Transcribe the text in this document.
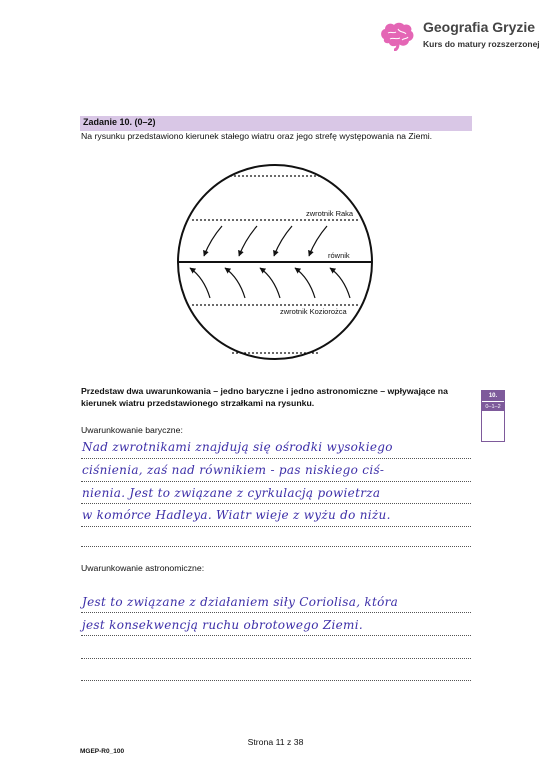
Geografia Gryzie
Kurs do matury rozszerzonej
Zadanie 10. (0–2)
Na rysunku przedstawiono kierunek stałego wiatru oraz jego strefę występowania na Ziemi.
zwrotnik Raka
równik
zwrotnik Koziorożca
Przedstaw dwa uwarunkowania – jedno baryczne i jedno astronomiczne – wpływające na kierunek wiatru przedstawionego strzałkami na rysunku.
10.
0–1–2
Uwarunkowanie baryczne:
Nad zwrotnikami znajdują się ośrodki wysokiego
ciśnienia, zaś nad równikiem - pas niskiego ciś-
nienia. Jest to związane z cyrkulacją powietrza
w komórce Hadleya. Wiatr wieje z wyżu do niżu.
Uwarunkowanie astronomiczne:
Jest to związane z działaniem siły Coriolisa, która
jest konsekwencją ruchu obrotowego Ziemi.
Strona 11 z 38
MGEP-R0_100
